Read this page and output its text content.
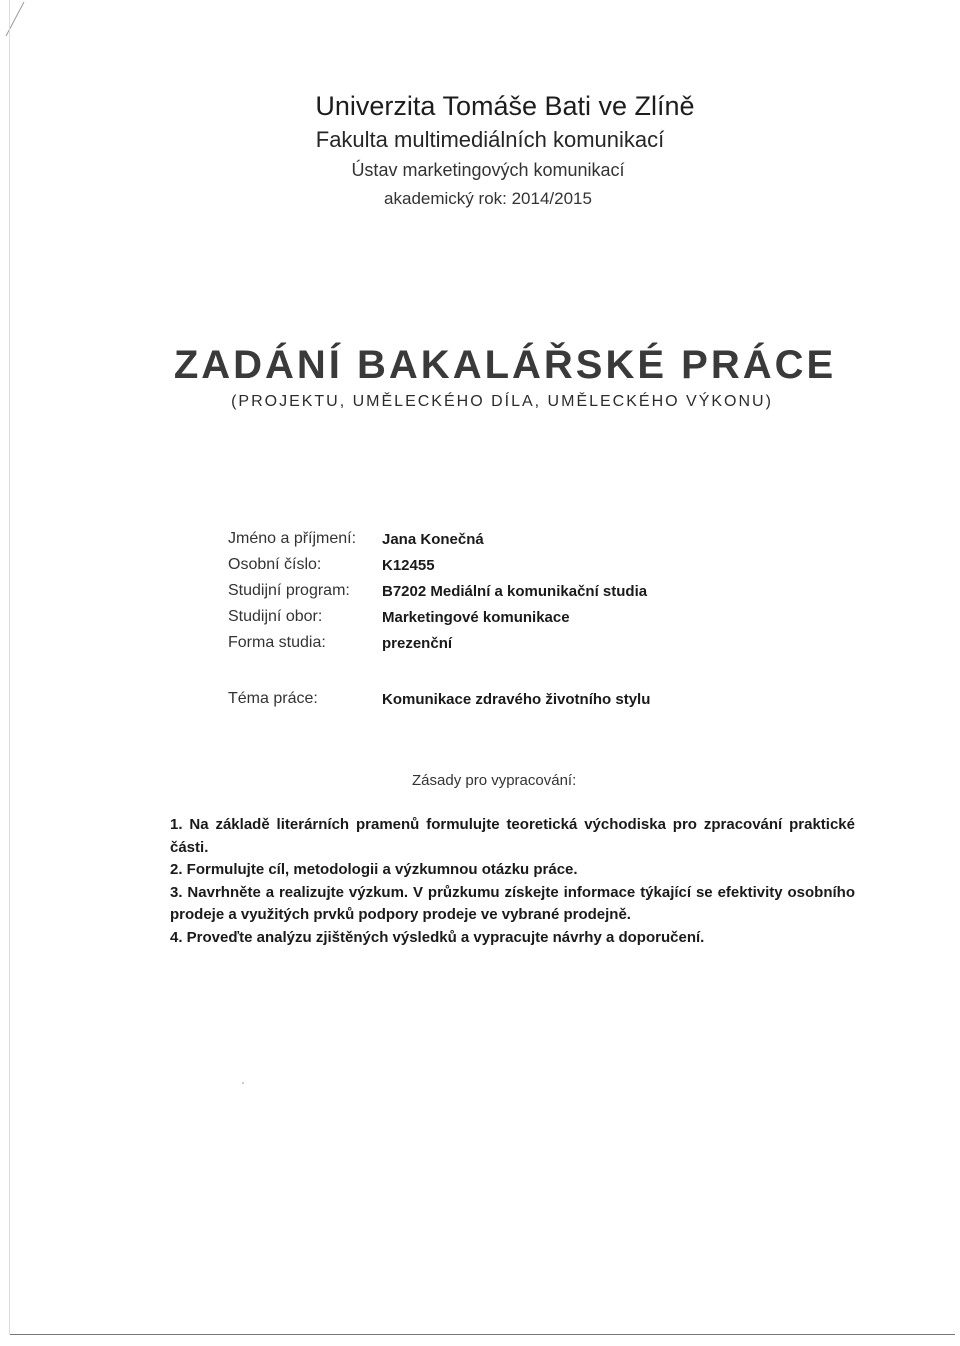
Univerzita Tomáše Bati ve Zlíně
Fakulta multimediálních komunikací
Ústav marketingových komunikací
akademický rok: 2014/2015
ZADÁNÍ BAKALÁŘSKÉ PRÁCE
(PROJEKTU, UMĚLECKÉHO DÍLA, UMĚLECKÉHO VÝKONU)
Jméno a příjmení:	Jana Konečná
Osobní číslo:	K12455
Studijní program:	B7202 Mediální a komunikační studia
Studijní obor:	Marketingové komunikace
Forma studia:	prezenční
Téma práce:	Komunikace zdravého životního stylu
Zásady pro vypracování:

1. Na základě literárních pramenů formulujte teoretická východiska pro zpracování praktické části.

2. Formulujte cíl, metodologii a výzkumnou otázku práce.

3. Navrhněte a realizujte výzkum. V průzkumu získejte informace týkající se efektivity osobního prodeje a využitých prvků podpory prodeje ve vybrané prodejně.

4. Proveďte analýzu zjištěných výsledků a vypracujte návrhy a doporučení.
